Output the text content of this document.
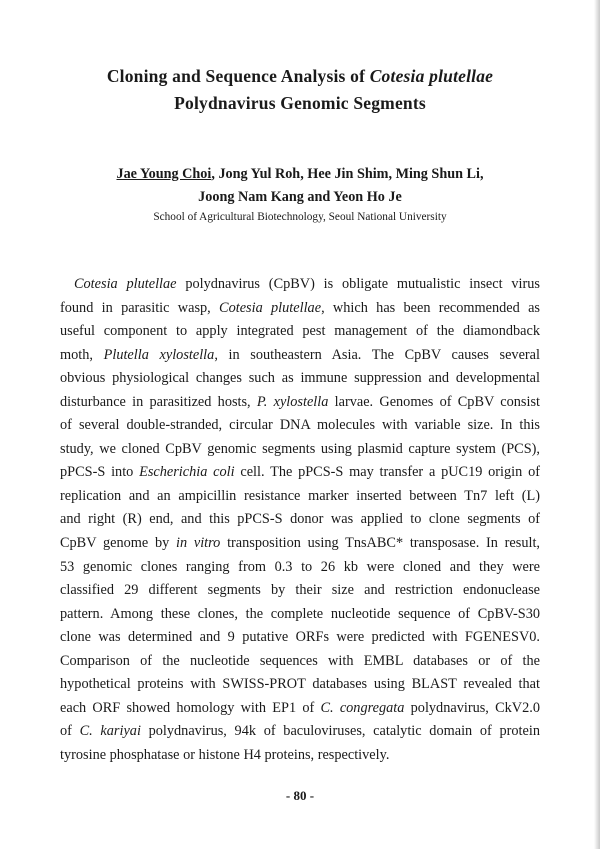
Cloning and Sequence Analysis of Cotesia plutellae
Polydnavirus Genomic Segments
Jae Young Choi, Jong Yul Roh, Hee Jin Shim, Ming Shun Li,
Joong Nam Kang and Yeon Ho Je
School of Agricultural Biotechnology, Seoul National University
Cotesia plutellae polydnavirus (CpBV) is obligate mutualistic insect virus
found in parasitic wasp, Cotesia plutellae, which has been recommended as
useful component to apply integrated pest management of the diamondback
moth, Plutella xylostella, in southeastern Asia. The CpBV causes several
obvious physiological changes such as immune suppression and developmental
disturbance in parasitized hosts, P. xylostella larvae. Genomes of CpBV consist
of several double-stranded, circular DNA molecules with variable size. In this
study, we cloned CpBV genomic segments using plasmid capture system (PCS),
pPCS-S into Escherichia coli cell. The pPCS-S may transfer a pUC19 origin of
replication and an ampicillin resistance marker inserted between Tn7 left (L)
and right (R) end, and this pPCS-S donor was applied to clone segments of
CpBV genome by in vitro transposition using TnsABC* transposase. In result,
53 genomic clones ranging from 0.3 to 26 kb were cloned and they were
classified 29 different segments by their size and restriction endonuclease
pattern. Among these clones, the complete nucleotide sequence of CpBV-S30
clone was determined and 9 putative ORFs were predicted with FGENESV0.
Comparison of the nucleotide sequences with EMBL databases or of the
hypothetical proteins with SWISS-PROT databases using BLAST revealed that
each ORF showed homology with EP1 of C. congregata polydnavirus, CkV2.0
of C. kariyai polydnavirus, 94k of baculoviruses, catalytic domain of protein
tyrosine phosphatase or histone H4 proteins, respectively.
- 80 -
